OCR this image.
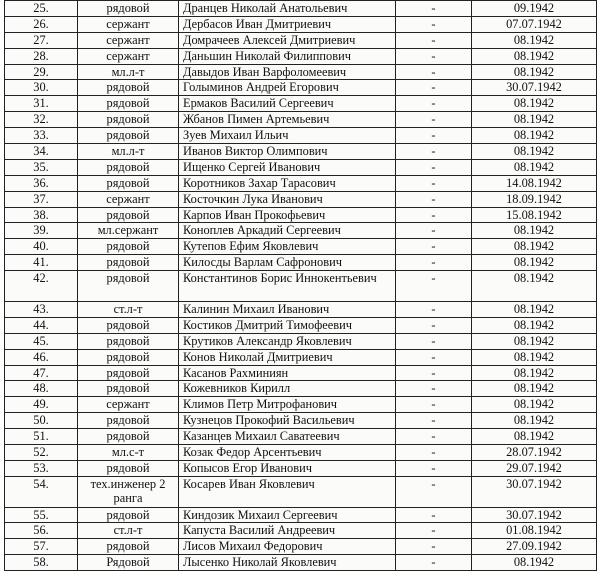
25.	рядовой	Дранцев Николай Анатольевич	-	09.1942
26.	сержант	Дербасов Иван Дмитриевич	-	07.07.1942
27.	сержант	Домрачеев Алексей Дмитриевич	-	08.1942
28.	сержант	Даньшин Николай Филиппович	-	08.1942
29.	мл.л-т	Давыдов Иван Варфоломеевич	-	08.1942
30.	рядовой	Голыминов Андрей Егорович	-	30.07.1942
31.	рядовой	Ермаков Василий Сергеевич	-	08.1942
32.	рядовой	Жбанов Пимен Артемьевич	-	08.1942
33.	рядовой	Зуев Михаил Ильич	-	08.1942
34.	мл.л-т	Иванов Виктор Олимпович	-	08.1942
35.	рядовой	Ищенко Сергей Иванович	-	08.1942
36.	рядовой	Коротников Захар Тарасович	-	14.08.1942
37.	сержант	Косточкин Лука Иванович	-	18.09.1942
38.	рядовой	Карпов Иван Прокофьевич	-	15.08.1942
39.	мл.сержант	Коноплев Аркадий Сергеевич	-	08.1942
40.	рядовой	Кутепов Ефим Яковлевич	-	08.1942
41.	рядовой	Килосды Варлам Сафронович	-	08.1942
42.	рядовой	Константинов Борис Иннокентьевич	-	08.1942
43.	ст.л-т	Калинин Михаил Иванович	-	08.1942
44.	рядовой	Костиков Дмитрий Тимофеевич	-	08.1942
45.	рядовой	Крутиков Александр Яковлевич	-	08.1942
46.	рядовой	Конов Николай Дмитриевич	-	08.1942
47.	рядовой	Касанов Рахминиян	-	08.1942
48.	рядовой	Кожевников Кирилл	-	08.1942
49.	сержант	Климов Петр Митрофанович	-	08.1942
50.	рядовой	Кузнецов Прокофий Васильевич	-	08.1942
51.	рядовой	Казанцев Михаил Саватеевич	-	08.1942
52.	мл.с-т	Козак Федор Арсентьевич	-	28.07.1942
53.	рядовой	Копысов Егор Иванович	-	29.07.1942
54.	тех.инженер 2 ранга	Косарев Иван Яковлевич	-	30.07.1942
55.	рядовой	Киндозик Михаил Сергеевич	-	30.07.1942
56.	ст.л-т	Капуста Василий Андреевич	-	01.08.1942
57.	рядовой	Лисов Михаил Федорович	-	27.09.1942
58.	Рядовой	Лысенко Николай Яковлевич	-	08.1942
